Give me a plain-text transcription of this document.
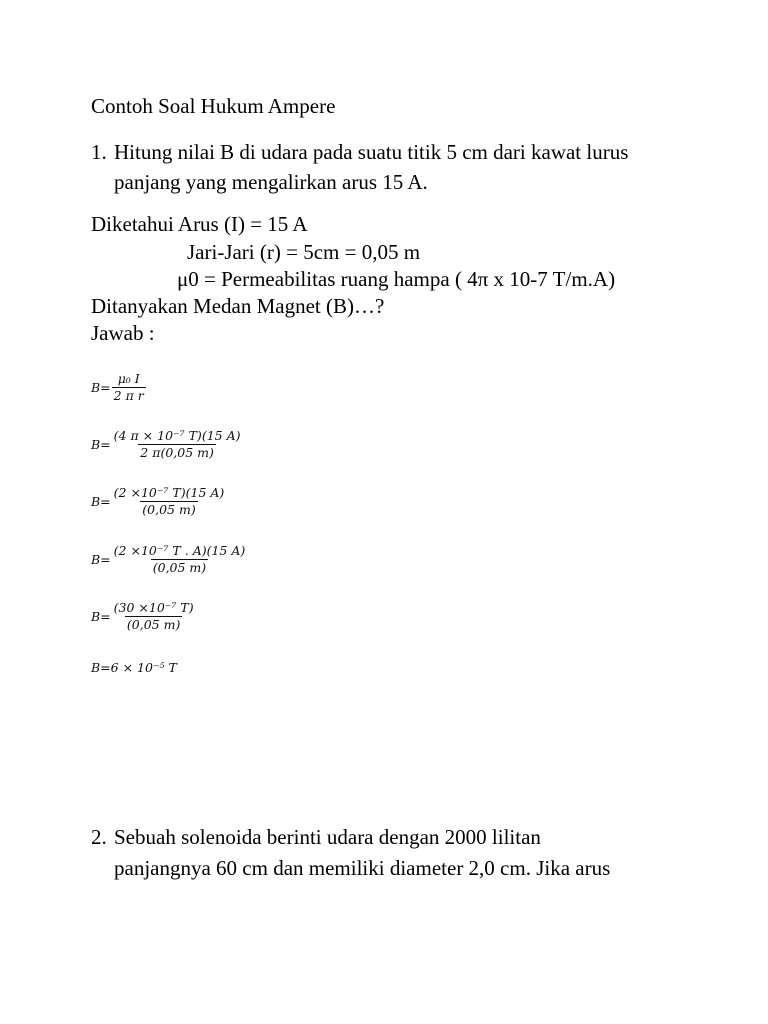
Contoh Soal Hukum Ampere
1. Hitung nilai B di udara pada suatu titik 5 cm dari kawat lurus
panjang yang mengalirkan arus 15 A.
Diketahui Arus (I) = 15 A
Jari-Jari (r) = 5cm = 0,05 m
μ0 = Permeabilitas ruang hampa ( 4π x 10-7 T/m.A)
Ditanyakan Medan Magnet (B)…?
Jawab :
$B= \frac{\text{μ₀ I}}{\text{2 π r}}$
$B= \frac{\text{(4 π × 10⁻⁷ T)(15 A)}}{2 \pi(0,05 m)}$
$B= \frac{\text{(2 ×10⁻⁷ T)(15 A)}}{(0,05 m)}$
$B= \frac{\text{(2 ×10⁻⁷ T . A)(15 A)}}{(0,05 m)}$
$B= \frac{\text{(30 ×10⁻⁷ T)}}{(0,05 m)}$
B=6 × 10⁻⁵ T
2. Sebuah solenoida berinti udara dengan 2000 lilitan
panjangnya 60 cm dan memiliki diameter 2,0 cm. Jika arus
